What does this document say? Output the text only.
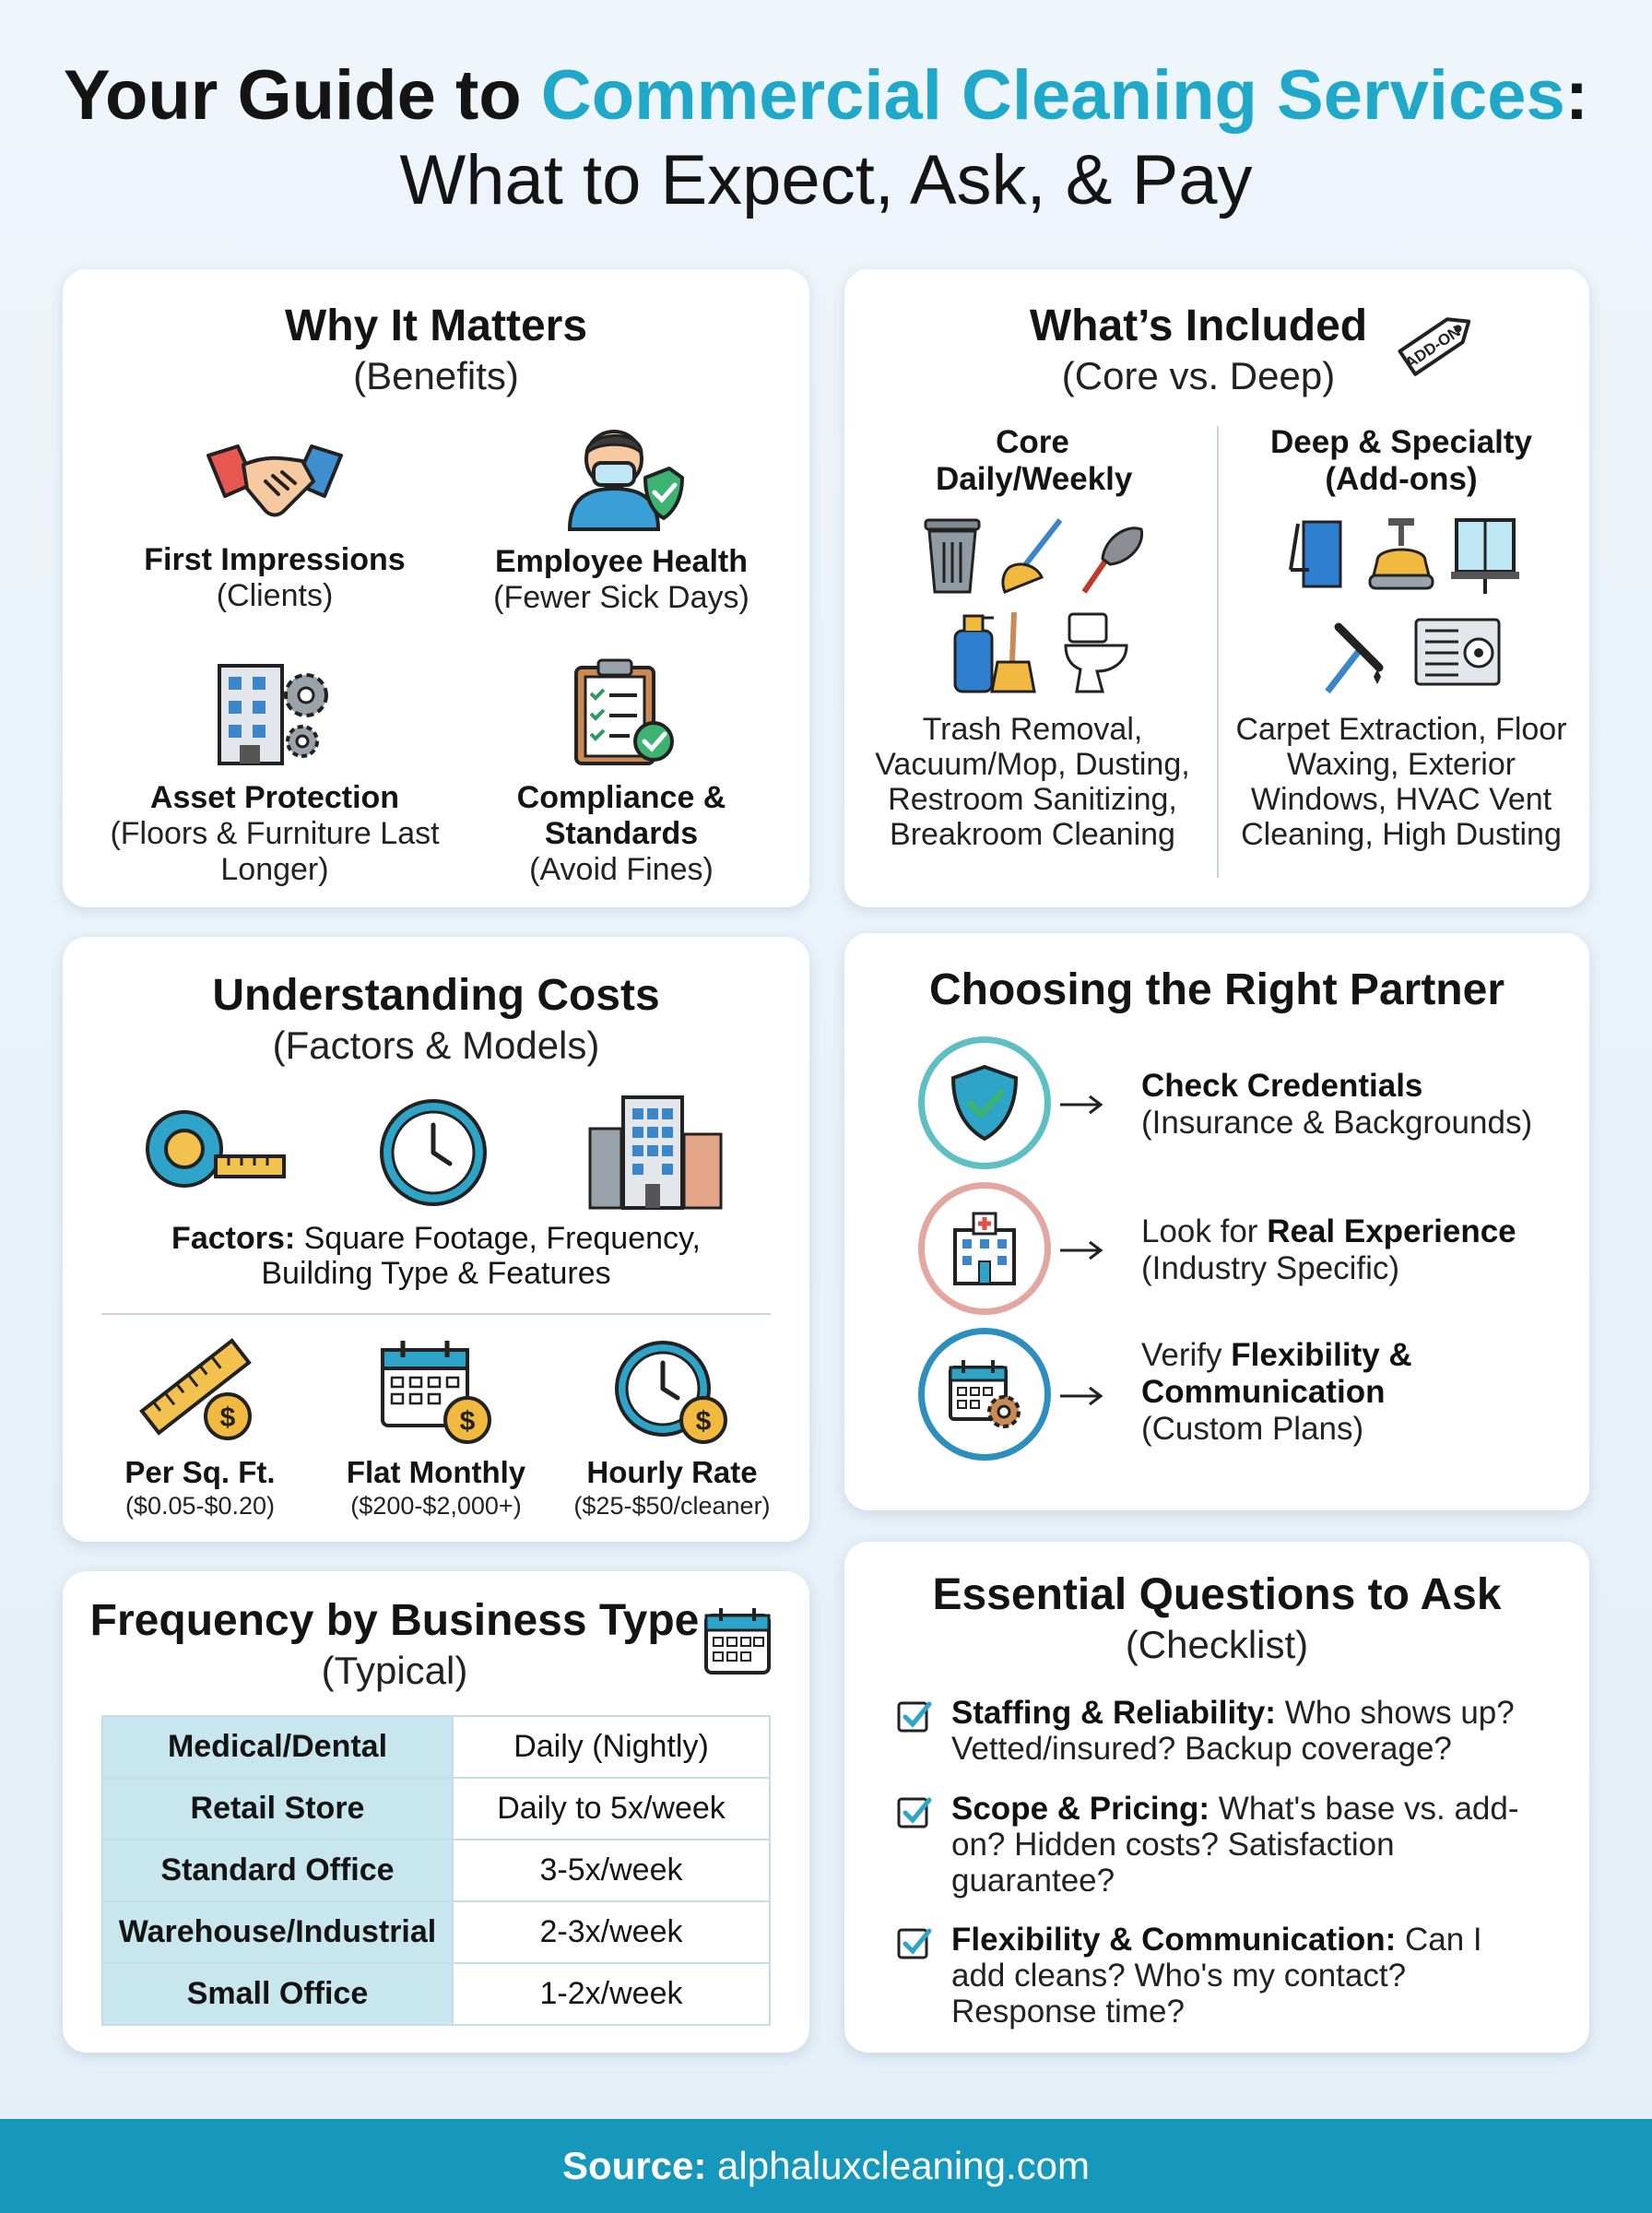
Your Guide to Commercial Cleaning Services:
What to Expect, Ask, & Pay
Why It Matters
(Benefits)
First Impressions
(Clients)
Employee Health
(Fewer Sick Days)
Asset Protection
(Floors & Furniture Last Longer)
Compliance & Standards
(Avoid Fines)
What’s Included
(Core vs. Deep)
ADD-ON
Core Daily/Weekly
Trash Removal, Vacuum/Mop, Dusting, Restroom Sanitizing, Breakroom Cleaning
Deep & Specialty (Add-ons)
Carpet Extraction, Floor Waxing, Exterior Windows, HVAC Vent Cleaning, High Dusting
Understanding Costs
(Factors & Models)
Factors: Square Footage, Frequency, Building Type & Features
$
Per Sq. Ft.
($0.05-$0.20)
$
Flat Monthly
($200-$2,000+)
$
Hourly Rate
($25-$50/cleaner)
Choosing the Right Partner
Check Credentials
(Insurance & Backgrounds)
Look for Real Experience
(Industry Specific)
Verify Flexibility & Communication
(Custom Plans)
Frequency by Business Type
(Typical)
Medical/Dental	Daily (Nightly)
Retail Store	Daily to 5x/week
Standard Office	3-5x/week
Warehouse/Industrial	2-3x/week
Small Office	1-2x/week
Essential Questions to Ask
(Checklist)
Staffing & Reliability: Who shows up? Vetted/insured? Backup coverage?
Scope & Pricing: What's base vs. add-on? Hidden costs? Satisfaction guarantee?
Flexibility & Communication: Can I add cleans? Who's my contact? Response time?
Source: alphaluxcleaning.com
